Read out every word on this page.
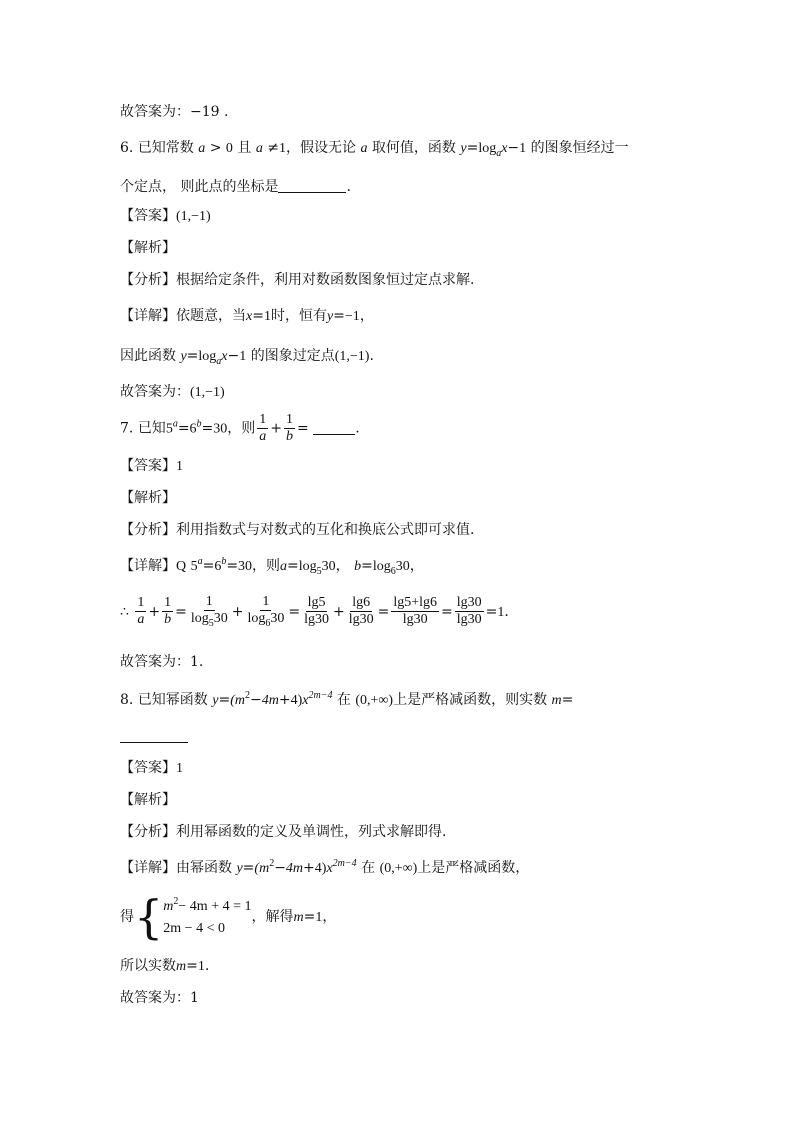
故答案为：−19 .
6. 已知常数 a > 0 且 a ≠1，假设无论 a 取何值，函数 $y=\log_ax-1$ 的图象恒经过一
个定点， 则此点的坐标是	.
【答案】(1,−1)
【解析】
【分析】根据给定条件，利用对数函数图象恒过定点求解.
【详解】依题意，当x=1时，恒有y=−1，
因此函数 $y=\log_ax-1$ 的图象过定点(1,−1).
故答案为：(1,−1)
7. 已知$5^a=6^b=30$，则 $\frac{1}{a} + \frac{1}{b}$ =	.
【答案】1
【解析】
【分析】利用指数式与对数式的互化和换底公式即可求值.
【详解】Q $5^a=6^b=30$，则$a=\log_530$， $b=\log_630$，
∴ $\frac{1}{a} + \frac{1}{b} = \frac{1}{\log_530} + \frac{1}{\log_630} = \frac{\lg 5}{\lg 30} + \frac{\lg 6}{\lg 30} = \frac{\lg 5+\lg 6}{\lg 30} = \frac{\lg 30}{\lg 30} =1$.
故答案为：1.
8. 已知幂函数 $y=(m^2-4m+4)x^{2m-4}$ 在 (0,+∞)上是严格减函数，则实数 m=
【答案】1
【解析】
【分析】利用幂函数的定义及单调性，列式求解即得.
【详解】由幂函数 $y=(m^2-4m+4)x^{2m-4}$ 在 (0,+∞)上是严格减函数，
得{ $m^2- 4m + 4 = 1$
2m − 4 < 0
，解得m=1，
所以实数m=1.
故答案为：1
